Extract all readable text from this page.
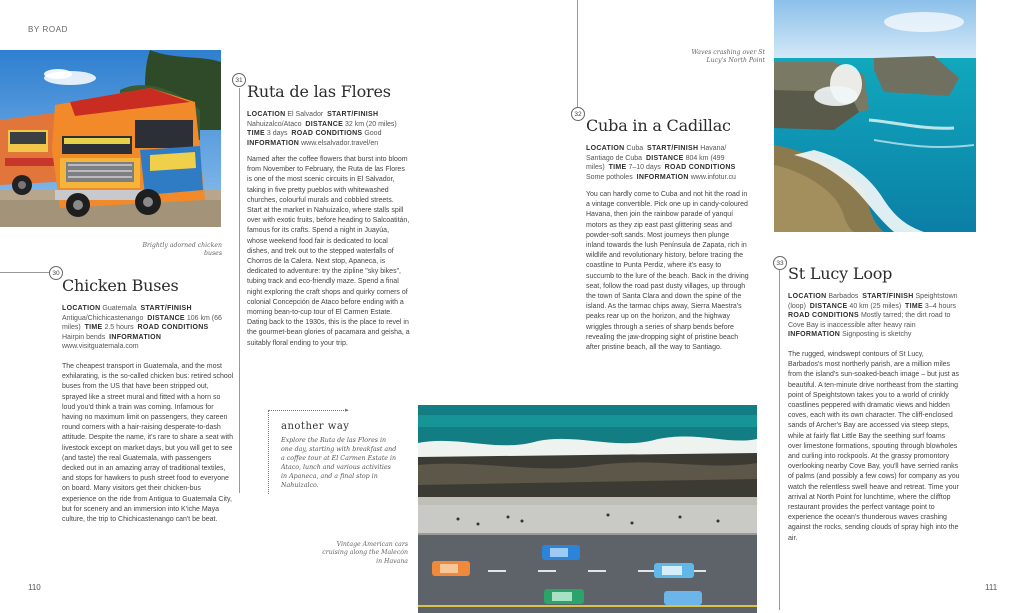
BY ROAD
110	111
Brightly adorned chicken buses
30
Chicken Buses
LOCATION Guatemala START/FINISH Antigua/Chichicastenango DISTANCE 106 km (66 miles) TIME 2.5 hours ROAD CONDITIONS Hairpin bends INFORMATION www.visitguatemala.com
The cheapest transport in Guatemala, and the most exhilarating, is the so-called chicken bus: retired school buses from the US that have been stripped out, sprayed like a street mural and fitted with a horn so loud you'd think a train was coming. Infamous for having no maximum limit on passengers, they careen round corners with a hair-raising desperate-to-dash attitude. Despite the name, it's rare to share a seat with livestock except on market days, but you will get to see (and taste) the real Guatemala, with passengers decked out in an amazing array of traditional textiles, and stops for hawkers to push street food to everyone on board. Many visitors get their chicken-bus experience on the ride from Antigua to Guatemala City, but for scenery and an immersion into K'iche Maya culture, the trip to Chichicastenango can't be beat.
31
Ruta de las Flores
LOCATION El Salvador START/FINISH Nahuizalco/Ataco DISTANCE 32 km (20 miles)  TIME 3 days ROAD CONDITIONS Good  INFORMATION www.elsalvador.travel/en
Named after the coffee flowers that burst into bloom from November to February, the Ruta de las Flores is one of the most scenic circuits in El Salvador, taking in five pretty pueblos with whitewashed churches, colourful murals and cobbled streets. Start at the market in Nahuizalco, where stalls spill over with exotic fruits, before heading to Salcoatitán, famous for its crafts. Spend a night in Juayúa, whose weekend food fair is dedicated to local dishes, and trek out to the stepped waterfalls of Chorros de la Calera. Next stop, Apaneca, is dedicated to adventure: try the zipline "sky bikes", tubing track and eco-friendly maze. Spend a final night exploring the craft shops and quirky corners of colonial Concepción de Ataco before ending with a morning bean-to-cup tour of El Carmen Estate. Dating back to the 1930s, this is the place to revel in the gourmet-bean glories of pacamara and geisha, a suitably floral ending to your trip.
▸
another way
Explore the Ruta de las Flores in one day, starting with breakfast and a coffee tour at El Carmen Estate in Ataco, lunch and various activities in Apaneca, and a final stop in Nahuizalco.
Vintage American cars cruising along the Malecón in Havana
32
Cuba in a Cadillac
LOCATION Cuba START/FINISH Havana/ Santiago de Cuba DISTANCE 804 km (499 miles) TIME 7–10 days ROAD CONDITIONS Some potholes INFORMATION www.infotur.cu
You can hardly come to Cuba and not hit the road in a vintage convertible. Pick one up in candy-coloured Havana, then join the rainbow parade of yanquí motors as they zip east past glittering seas and powder-soft sands. Most journeys then plunge inland towards the lush Península de Zapata, rich in wildlife and revolutionary history, before tracing the coastline to Punta Perdiz, where it's easy to succumb to the lure of the beach. Back in the driving seat, follow the road past dusty villages, up through the town of Santa Clara and down the spine of the island. As the tarmac chips away, Sierra Maestra's peaks rear up on the horizon, and the highway wriggles through a series of sharp bends before revealing the jaw-dropping sight of pristine beach after pristine beach, all the way to Santiago.
Waves crashing over St Lucy's North Point
33
St Lucy Loop
LOCATION Barbados START/FINISH Speightstown (loop) DISTANCE 40 km (25 miles) TIME 3–4 hours  ROAD CONDITIONS Mostly tarred; the dirt road to Cove Bay is inaccessible after heavy rain  INFORMATION Signposting is sketchy
The rugged, windswept contours of St Lucy, Barbados's most northerly parish, are a million miles from the island's sun-soaked-beach image – but just as beautiful. A ten-minute drive northeast from the starting point of Speightstown takes you to a world of crinkly coastlines peppered with dramatic views and hidden coves, each with its own character. The cliff-enclosed sands of Archer's Bay are accessed via steep steps, while at fairly flat Little Bay the seething surf foams over limestone formations, spouting through blowholes and curling into rockpools. At the grassy promontory overlooking nearby Cove Bay, you'll have serried ranks of palms (and possibly a few cows) for company as you watch the relentless swell heave and retreat. Time your arrival at North Point for lunchtime, where the clifftop restaurant provides the perfect vantage point to experience the ocean's thunderous waves crashing against the rocks, sending clouds of spray high into the air.
